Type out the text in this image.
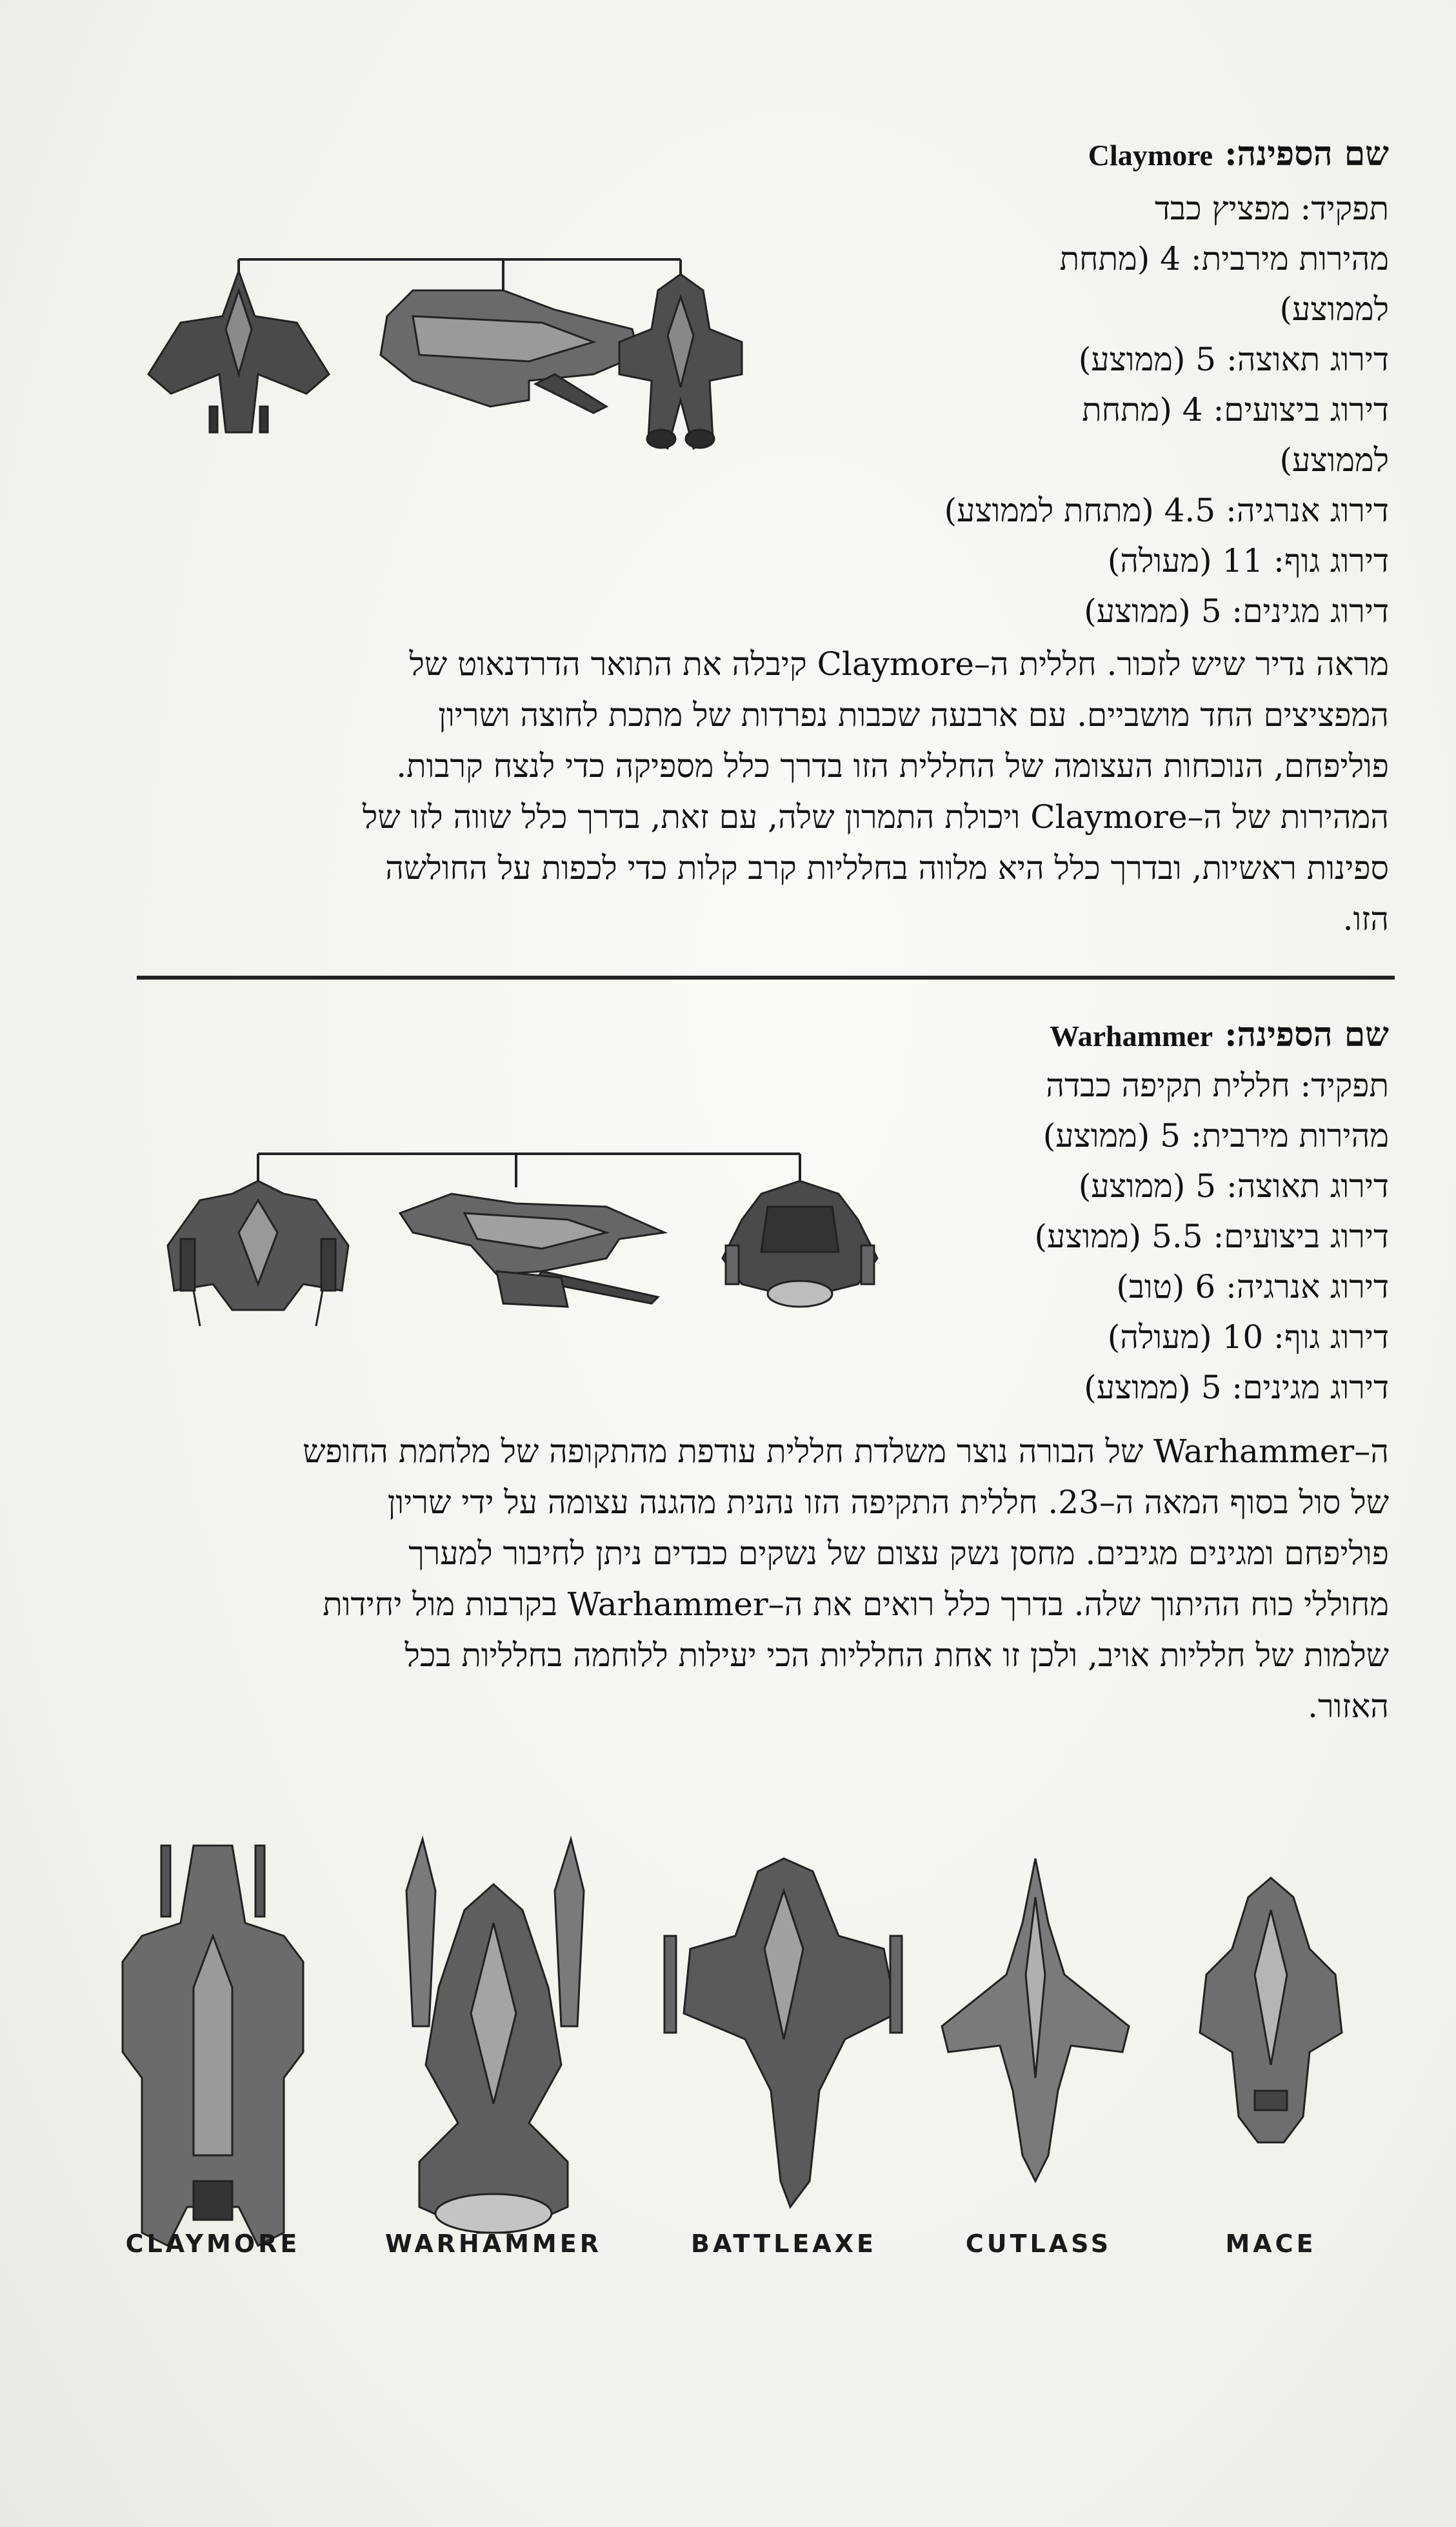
שם הספינה: Claymore
תפקיד: מפציץ כבד
מהירות מירבית: 4 (מתחת
לממוצע)
דירוג תאוצה: 5 (ממוצע)
דירוג ביצועים: 4 (מתחת
לממוצע)
דירוג אנרגיה: 4.5 (מתחת לממוצע)
דירוג גוף: 11 (מעולה)
דירוג מגינים: 5 (ממוצע)
מראה נדיר שיש לזכור. חללית ה–Claymore קיבלה את התואר הדרדנאוט של
המפציצים החד מושביים. עם ארבעה שכבות נפרדות של מתכת לחוצה ושריון
פוליפחם, הנוכחות העצומה של החללית הזו בדרך כלל מספיקה כדי לנצח קרבות.
המהירות של ה–Claymore ויכולת התמרון שלה, עם זאת, בדרך כלל שווה לזו של
ספינות ראשיות, ובדרך כלל היא מלווה בחלליות קרב קלות כדי לכפות על החולשה
הזו.
שם הספינה: Warhammer
תפקיד: חללית תקיפה כבדה
מהירות מירבית: 5 (ממוצע)
דירוג תאוצה: 5 (ממוצע)
דירוג ביצועים: 5.5 (ממוצע)
דירוג אנרגיה: 6 (טוב)
דירוג גוף: 10 (מעולה)
דירוג מגינים: 5 (ממוצע)
ה–Warhammer של הבורה נוצר משלדת חללית עודפת מהתקופה של מלחמת החופש
של סול בסוף המאה ה–23. חללית התקיפה הזו נהנית מהגנה עצומה על ידי שריון
פוליפחם ומגינים מגיבים. מחסן נשק עצום של נשקים כבדים ניתן לחיבור למערך
מחוללי כוח ההיתוך שלה. בדרך כלל רואים את ה–Warhammer בקרבות מול יחידות
שלמות של חלליות אויב, ולכן זו אחת החלליות הכי יעילות ללוחמה בחלליות בכל
האזור.
CLAYMORE	WARHAMMER	BATTLEAXE	CUTLASS	MACE
